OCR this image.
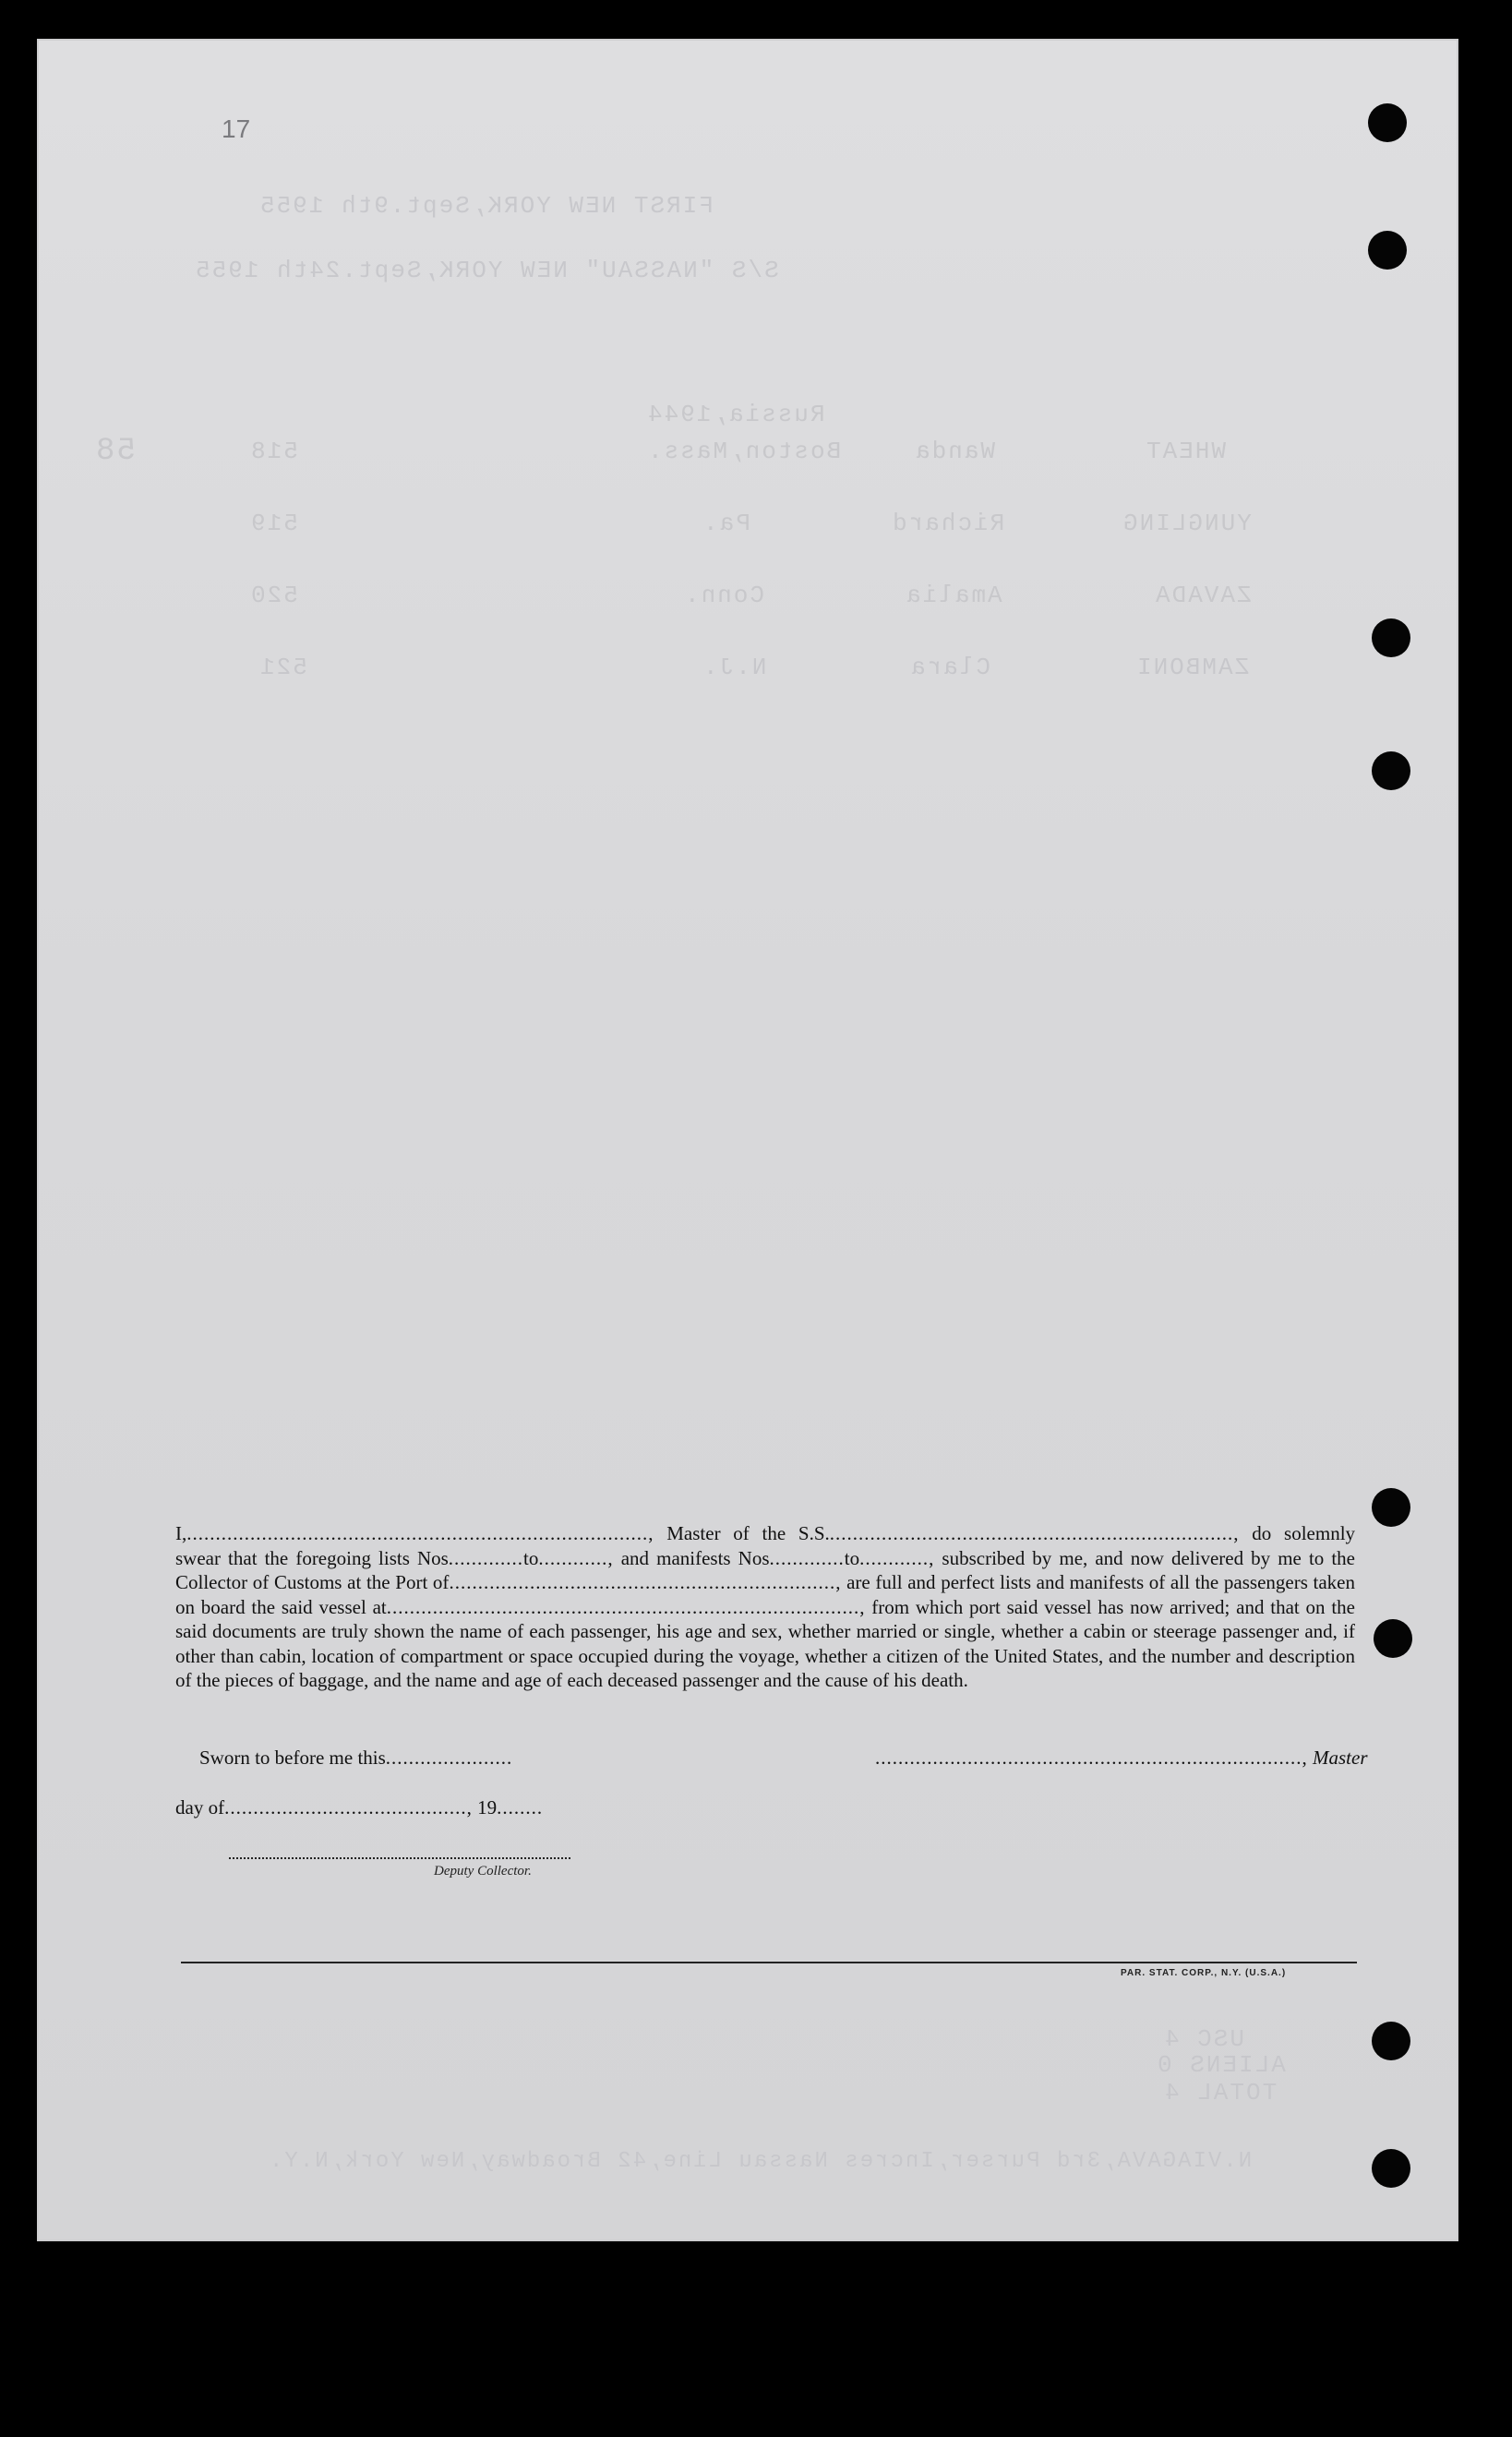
17
FIRST NEW YORK,Sept.9th 1955
S/S "NASSAU" NEW YORK,Sept.24th 1955
58
Russia,1944
518	Boston,Mass.	Wanda	WHEAT
519	Pa.	Richard	YUNGLING
520	Conn.	Amalia	ZAVADA
521	N.J.	Clara	ZAMBONI
USC 4
ALIENS 0
TOTAL 4
N.VIAGAVA,3rd Purser,Incres Nassau Line,42 Broadway,New York,N.Y.

I,................................................................................, Master of the S.S......................................................................., do solemnly swear that the foregoing lists Nos.............to............, and manifests Nos.............to............, subscribed by me, and now delivered by me to the Collector of Customs at the Port of..................................................................., are full and perfect lists and manifests of all the passengers taken on board the said vessel at.................................................................................., from which port said vessel has now arrived; and that on the said documents are truly shown the name of each passenger, his age and sex, whether married or single, whether a cabin or steerage passenger and, if other than cabin, location of compartment or space occupied during the voyage, whether a citizen of the United States, and the number and description of the pieces of baggage, and the name and age of each deceased passenger and the cause of his death.

Sworn to before me this......................	.........................................................................., Master
day of.........................................., 19........
Deputy Collector.
PAR. STAT. CORP., N.Y. (U.S.A.)
